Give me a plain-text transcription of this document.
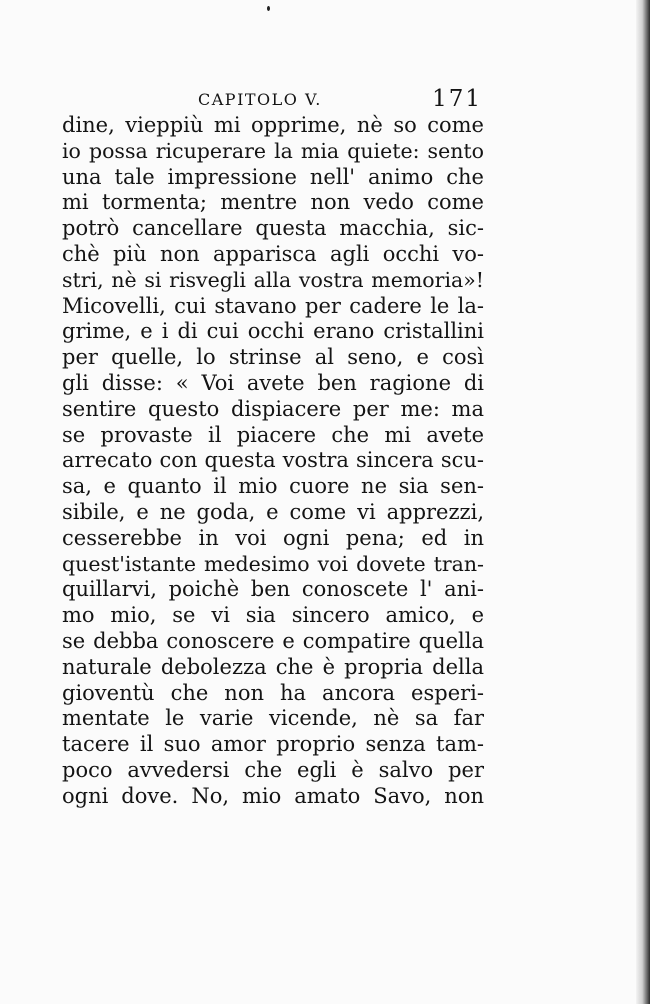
CAPITOLO V.	171
dine, vieppiù mi opprime, nè so come
io possa ricuperare la mia quiete: sento
una tale impressione nell' animo che
mi tormenta; mentre non vedo come
potrò cancellare questa macchia, sic-
chè più non apparisca agli occhi vo-
stri, nè si risvegli alla vostra memoria»!
Micovelli, cui stavano per cadere le la-
grime, e i di cui occhi erano cristallini
per quelle, lo strinse al seno, e così
gli disse: « Voi avete ben ragione di
sentire questo dispiacere per me: ma
se provaste il piacere che mi avete
arrecato con questa vostra sincera scu-
sa, e quanto il mio cuore ne sia sen-
sibile, e ne goda, e come vi apprezzi,
cesserebbe in voi ogni pena; ed in
quest'istante medesimo voi dovete tran-
quillarvi, poichè ben conoscete l' ani-
mo mio, se vi sia sincero amico, e
se debba conoscere e compatire quella
naturale debolezza che è propria della
gioventù che non ha ancora esperi-
mentate le varie vicende, nè sa far
tacere il suo amor proprio senza tam-
poco avvedersi che egli è salvo per
ogni dove. No, mio amato Savo, non
